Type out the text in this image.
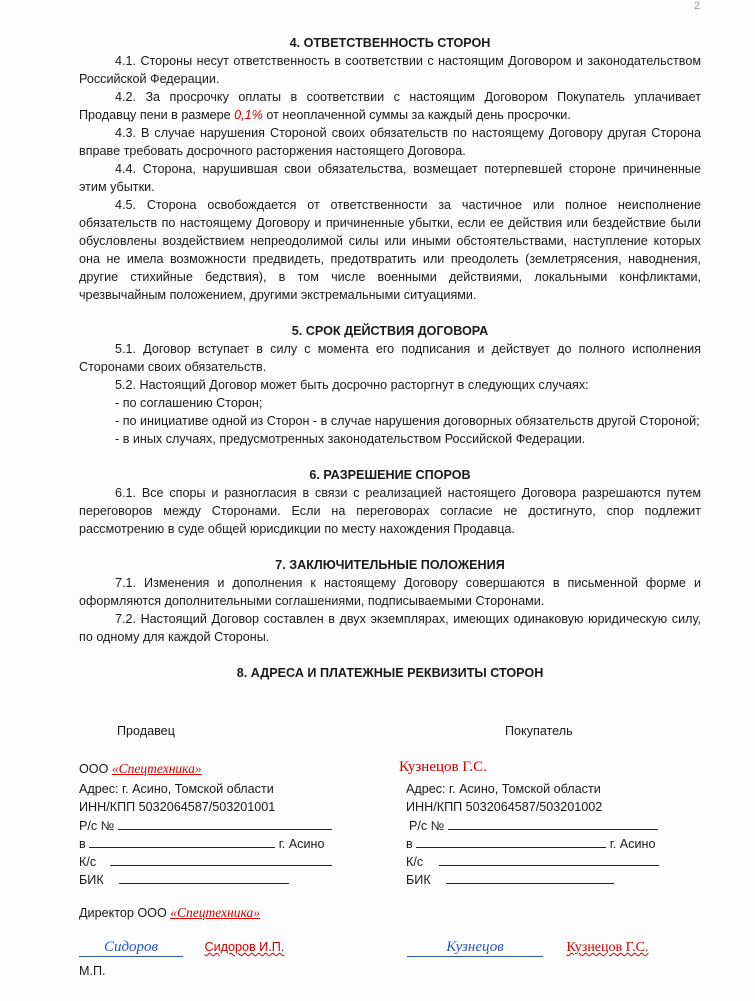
2
4. ОТВЕТСТВЕННОСТЬ СТОРОН

4.1. Стороны несут ответственность в соответствии с настоящим Договором и законодательством Российской Федерации.

4.2. За просрочку оплаты в соответствии с настоящим Договором Покупатель уплачивает Продавцу пени в размере 0,1% от неоплаченной суммы за каждый день просрочки.

4.3. В случае нарушения Стороной своих обязательств по настоящему Договору другая Сторона вправе требовать досрочного расторжения настоящего Договора.

4.4. Сторона, нарушившая свои обязательства, возмещает потерпевшей стороне причиненные этим убытки.

4.5. Сторона освобождается от ответственности за частичное или полное неисполнение обязательств по настоящему Договору и причиненные убытки, если ее действия или бездействие были обусловлены воздействием непреодолимой силы или иными обстоятельствами, наступление которых она не имела возможности предвидеть, предотвратить или преодолеть (землетрясения, наводнения, другие стихийные бедствия), в том числе военными действиями, локальными конфликтами, чрезвычайным положением, другими экстремальными ситуациями.

5. СРОК ДЕЙСТВИЯ ДОГОВОРА

5.1. Договор вступает в силу с момента его подписания и действует до полного исполнения Сторонами своих обязательств.

5.2. Настоящий Договор может быть досрочно расторгнут в следующих случаях:

- по соглашению Сторон;

- по инициативе одной из Сторон - в случае нарушения договорных обязательств другой Стороной;

- в иных случаях, предусмотренных законодательством Российской Федерации.

6. РАЗРЕШЕНИЕ СПОРОВ

6.1. Все споры и разногласия в связи с реализацией настоящего Договора разрешаются путем переговоров между Сторонами. Если на переговорах согласие не достигнуто, спор подлежит рассмотрению в суде общей юрисдикции по месту нахождения Продавца.

7. ЗАКЛЮЧИТЕЛЬНЫЕ ПОЛОЖЕНИЯ

7.1. Изменения и дополнения к настоящему Договору совершаются в письменной форме и оформляются дополнительными соглашениями, подписываемыми Сторонами.

7.2. Настоящий Договор составлен в двух экземплярах, имеющих одинаковую юридическую силу, по одному для каждой Стороны.

8. АДРЕСА И ПЛАТЕЖНЫЕ РЕКВИЗИТЫ СТОРОН
Продавец	Покупатель
ООО «Спецтехника»
Адрес: г. Асино, Томской области
ИНН/КПП 5032064587/503201001
Р/с №
в	г. Асино
К/с
БИК
Кузнецов Г.С.
Адрес: г. Асино, Томской области
ИНН/КПП 5032064587/503201002
Р/с №
в	г. Асино
К/с
БИК
Директор ООО «Спецтехника»
Сидоров	Сидоров И.П.	Кузнецов	Кузнецов Г.С.
М.П.
